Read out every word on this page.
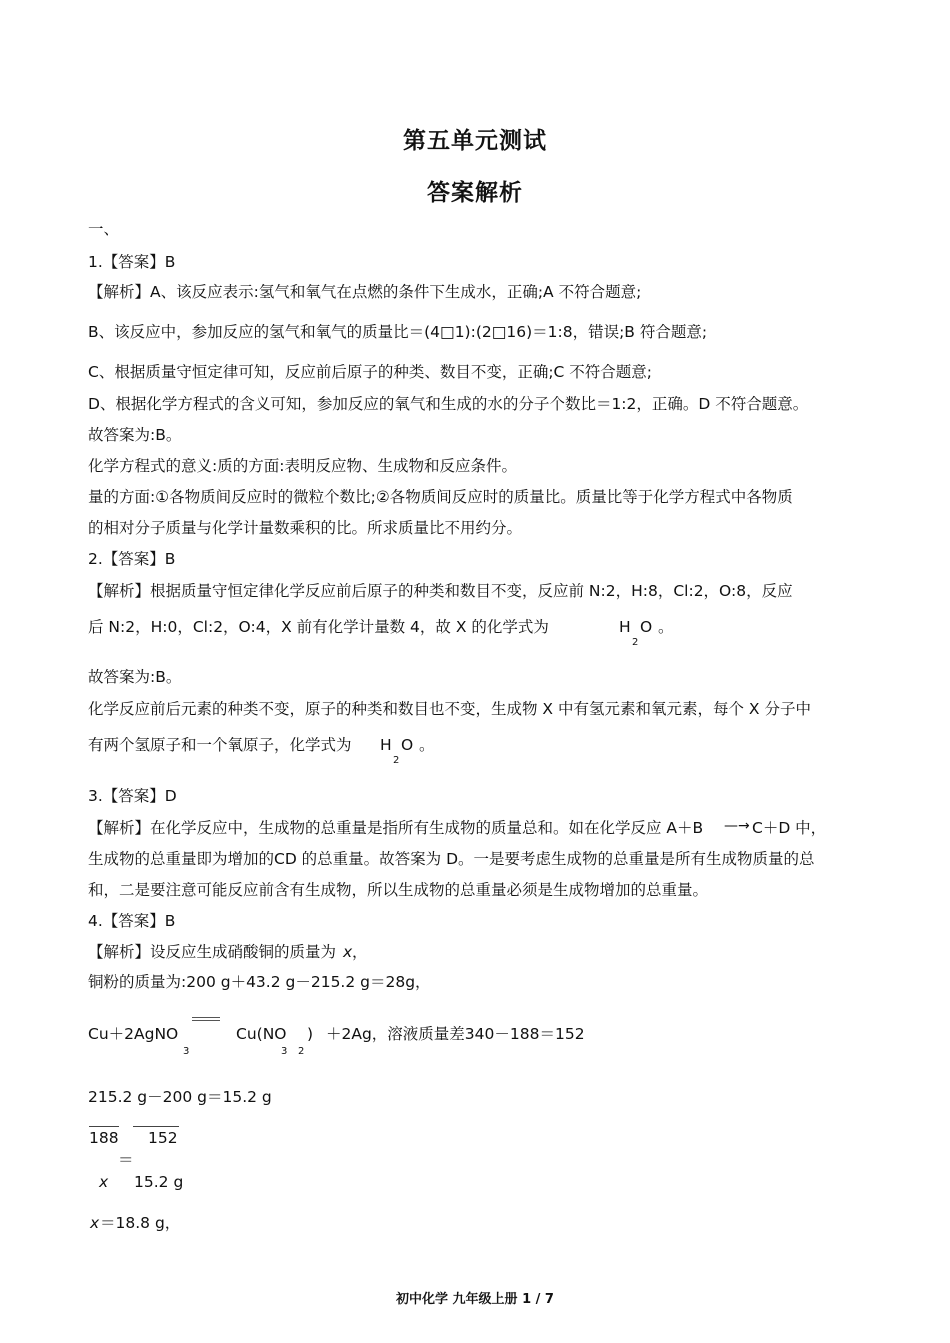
第五单元测试
答案解析
一、
1.【答案】B
【解析】A、该反应表示:氢气和氧气在点燃的条件下生成水，正确;A 不符合题意;
B、该反应中，参加反应的氢气和氧气的质量比＝(4□1):(2□16)＝1:8，错误;B 符合题意;
C、根据质量守恒定律可知，反应前后原子的种类、数目不变，正确;C 不符合题意;
D、根据化学方程式的含义可知，参加反应的氧气和生成的水的分子个数比＝1:2，正确。D 不符合题意。
故答案为:B。
化学方程式的意义:质的方面:表明反应物、生成物和反应条件。
量的方面:①各物质间反应时的微粒个数比;②各物质间反应时的质量比。质量比等于化学方程式中各物质
的相对分子质量与化学计量数乘积的比。所求质量比不用约分。
2.【答案】B
【解析】根据质量守恒定律化学反应前后原子的种类和数目不变，反应前 N:2，H:8，Cl:2，O:8，反应
后 N:2，H:0，Cl:2，O:4，X 前有化学计量数 4，故 X 的化学式为	H
2
O 。
故答案为:B。
化学反应前后元素的种类不变，原子的种类和数目也不变，生成物 X 中有氢元素和氧元素，每个 X 分子中
有两个氢原子和一个氧原子，化学式为 H
2
O 。
3.【答案】D
【解析】在化学反应中，生成物的总重量是指所有生成物的质量总和。如在化学反应 A＋B —→ C＋D 中，
生成物的总重量即为增加的CD 的总重量。故答案为 D。一是要考虑生成物的总重量是所有生成物质量的总
和，二是要注意可能反应前含有生成物，所以生成物的总重量必须是生成物增加的总重量。
4.【答案】B
【解析】设反应生成硝酸铜的质量为 x ，
铜粉的质量为:200 g＋43.2 g－215.2 g＝28g，
Cu＋2AgNO
3
Cu(NO
3
)
2
＋2Ag，溶液质量差340－188＝152
215.2 g－200 g＝15.2 g
188 152
＝
x 15.2 g
x ＝18.8 g，
初中化学 九年级上册 1 / 7
